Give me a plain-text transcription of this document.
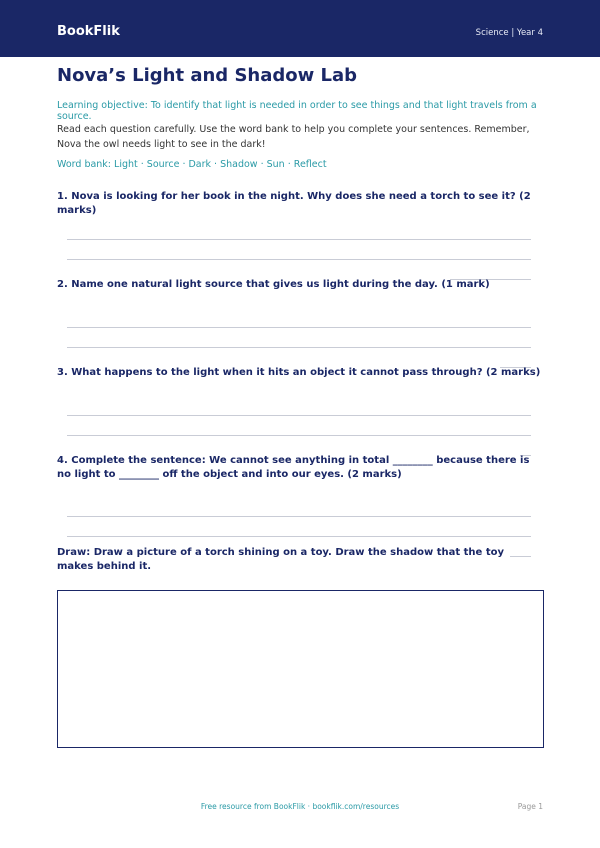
BookFlik	Science | Year 4
Nova’s Light and Shadow Lab
Learning objective: To identify that light is needed in order to see things and that light travels from a source.
Read each question carefully. Use the word bank to help you complete your sentences. Remember, Nova the owl needs light to see in the dark!
Word bank: Light · Source · Dark · Shadow · Sun · Reflect
1. Nova is looking for her book in the night. Why does she need a torch to see it? (2 marks)
2. Name one natural light source that gives us light during the day. (1 mark)
3. What happens to the light when it hits an object it cannot pass through? (2 marks)
4. Complete the sentence: We cannot see anything in total ________ because there is no light to ________ off the object and into our eyes. (2 marks)
Draw: Draw a picture of a torch shining on a toy. Draw the shadow that the toy makes behind it.
Free resource from BookFlik · bookflik.com/resources	Page 1
